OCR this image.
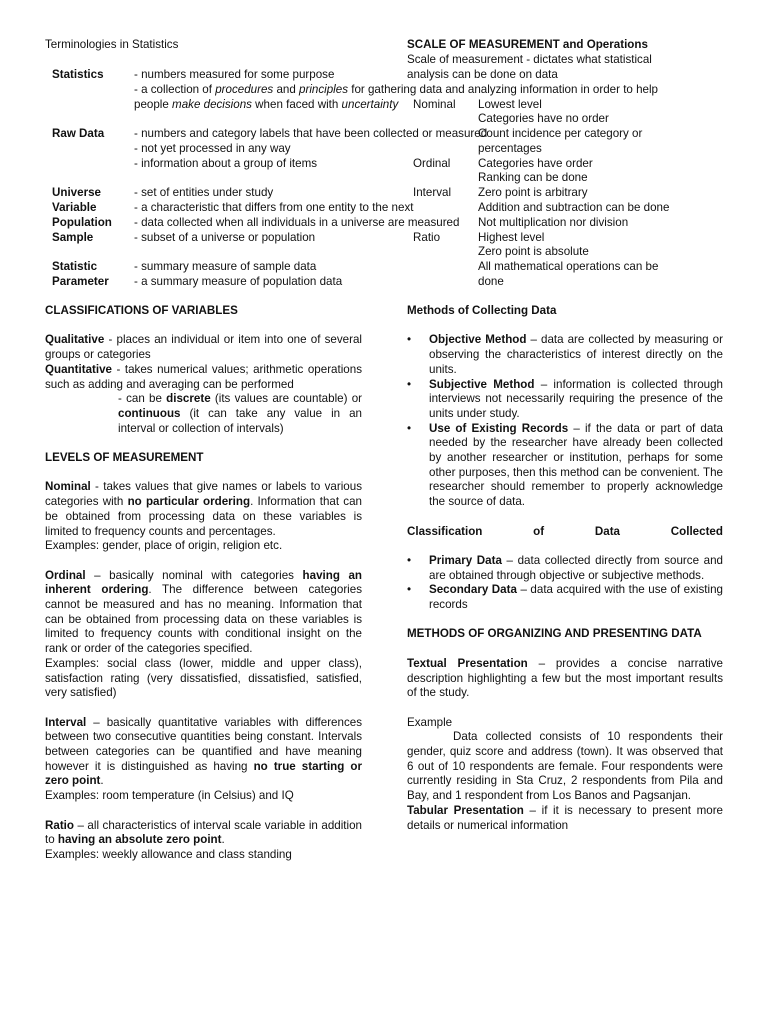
Terminologies in Statistics
Statistics	- numbers measured for some purpose
- a collection of procedures and principles for gathering data and analyzing information in order to help
people make decisions when faced with uncertainty
Raw Data	- numbers and category labels that have been collected or measured
- not yet processed in any way
- information about a group of items
Universe	- set of entities under study
Variable	- a characteristic that differs from one entity to the next
Population - data collected when all individuals in a universe are measured
Sample	- subset of a universe or population
Statistic	- summary measure of sample data
Parameter - a summary measure of population data
SCALE OF MEASUREMENT and Operations
Scale of measurement - dictates what statistical
analysis can be done on data
Nominal Lowest level
Categories have no order
Count incidence per category or
percentages
Ordinal Categories have order
Ranking can be done
Interval Zero point is arbitrary
Addition and subtraction can be done
Not multiplication nor division
Ratio	Highest level
Zero point is absolute
All mathematical operations can be
done

CLASSIFICATIONS OF VARIABLES

Qualitative - places an individual or item into one of several groups or categories

Quantitative - takes numerical values; arithmetic operations such as adding and averaging can be performed

- can be discrete (its values are countable) or continuous (it can take any value in an interval or collection of intervals)

LEVELS OF MEASUREMENT

Nominal - takes values that give names or labels to various categories with no particular ordering. Information that can be obtained from processing data on these variables is limited to frequency counts and percentages.

Examples: gender, place of origin, religion etc.

Ordinal – basically nominal with categories having an inherent ordering. The difference between categories cannot be measured and has no meaning. Information that can be obtained from processing data on these variables is limited to frequency counts with conditional insight on the rank or order of the categories specified.

Examples: social class (lower, middle and upper class), satisfaction rating (very dissatisfied, dissatisfied, satisfied, very satisfied)

Interval – basically quantitative variables with differences between two consecutive quantities being constant. Intervals between categories can be quantified and have meaning however it is distinguished as having no true starting or zero point.

Examples: room temperature (in Celsius) and IQ

Ratio – all characteristics of interval scale variable in addition to having an absolute zero point.

Examples: weekly allowance and class standing

Methods of Collecting Data

• Objective Method – data are collected by measuring or observing the characteristics of interest directly on the units.
• Subjective Method – information is collected through interviews not necessarily requiring the presence of the units under study.
• Use of Existing Records – if the data or part of data needed by the researcher have already been collected by another researcher or institution, perhaps for some other purposes, then this method can be convenient. The researcher should remember to properly acknowledge the source of data.
Classification	of	Data	Collected
• Primary Data – data collected directly from source and are obtained through objective or subjective methods.
• Secondary Data – data acquired with the use of existing records

METHODS OF ORGANIZING AND PRESENTING DATA

Textual Presentation – provides a concise narrative description highlighting a few but the most important results of the study.

Example

Data collected consists of 10 respondents their gender, quiz score and address (town). It was observed that 6 out of 10 respondents are female. Four respondents were currently residing in Sta Cruz, 2 respondents from Pila and Bay, and 1 respondent from Los Banos and Pagsanjan.

Tabular Presentation – if it is necessary to present more details or numerical information
